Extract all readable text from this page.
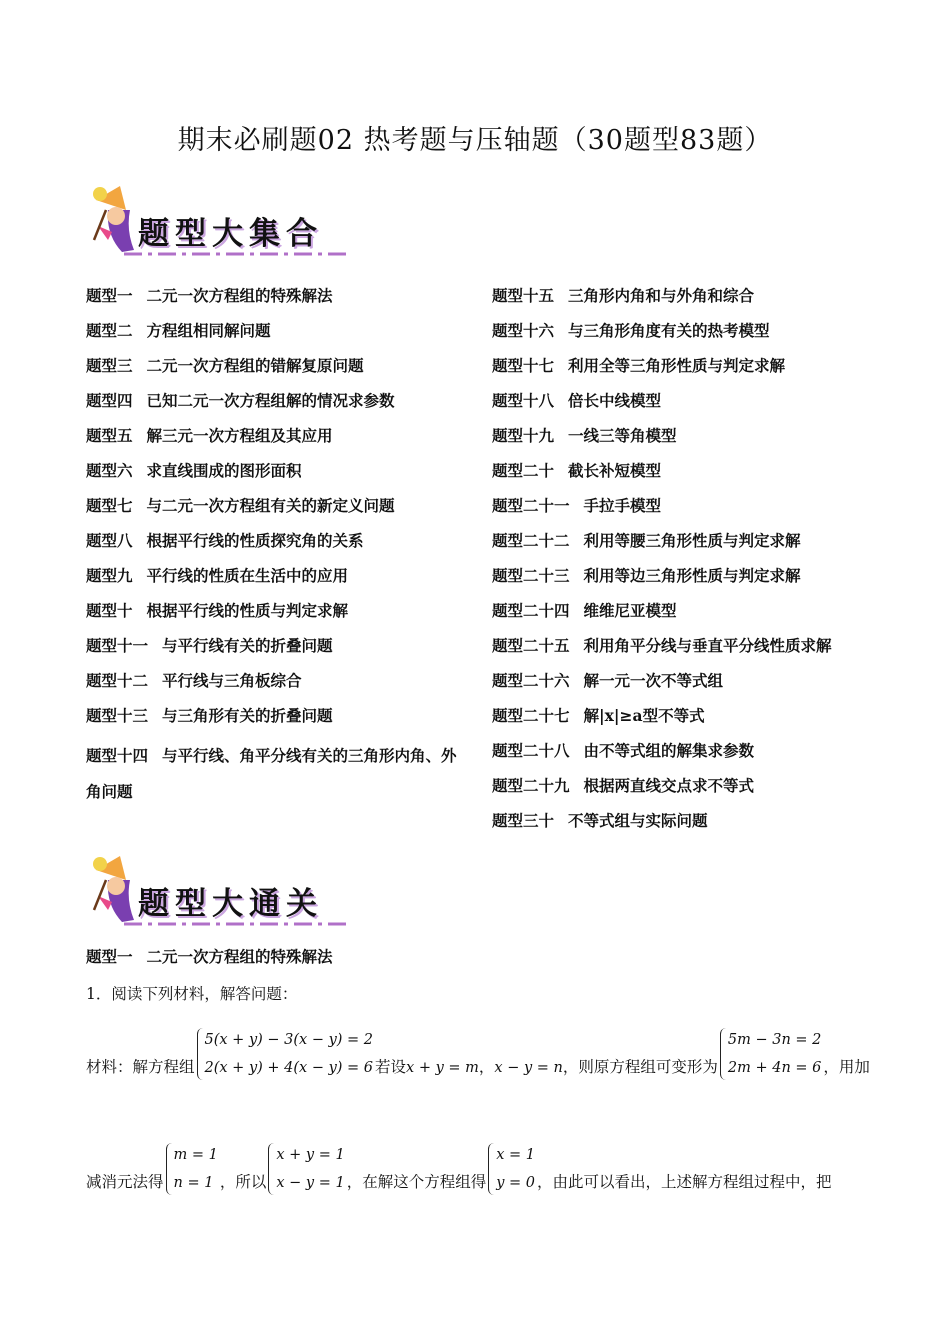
期末必刷题02 热考题与压轴题（30题型83题）
题型大集合
题型一 二元一次方程组的特殊解法
题型二 方程组相同解问题
题型三 二元一次方程组的错解复原问题
题型四 已知二元一次方程组解的情况求参数
题型五 解三元一次方程组及其应用
题型六 求直线围成的图形面积
题型七 与二元一次方程组有关的新定义问题
题型八 根据平行线的性质探究角的关系
题型九 平行线的性质在生活中的应用
题型十 根据平行线的性质与判定求解
题型十一 与平行线有关的折叠问题
题型十二 平行线与三角板综合
题型十三 与三角形有关的折叠问题
题型十四 与平行线、角平分线有关的三角形内角、外角问题
题型十五 三角形内角和与外角和综合
题型十六 与三角形角度有关的热考模型
题型十七 利用全等三角形性质与判定求解
题型十八 倍长中线模型
题型十九 一线三等角模型
题型二十 截长补短模型
题型二十一 手拉手模型
题型二十二 利用等腰三角形性质与判定求解
题型二十三 利用等边三角形性质与判定求解
题型二十四 维维尼亚模型
题型二十五 利用角平分线与垂直平分线性质求解
题型二十六 解一元一次不等式组
题型二十七 解|x|≥a型不等式
题型二十八 由不等式组的解集求参数
题型二十九 根据两直线交点求不等式
题型三十 不等式组与实际问题
题型大通关
题型一 二元一次方程组的特殊解法
1．阅读下列材料，解答问题：
材料：解方程组
5(x + y) − 3(x − y) = 2
2(x + y) + 4(x − y) = 6 若设x + y = m，x − y = n，则原方程组可变形为
5m − 3n = 2
2m + 4n = 6 ，用加
减消元法得
m = 1
n = 1 ，所以
x + y = 1
x − y = 1 ，在解这个方程组得
x = 1
y = 0 ，由此可以看出，上述解方程组过程中，把
